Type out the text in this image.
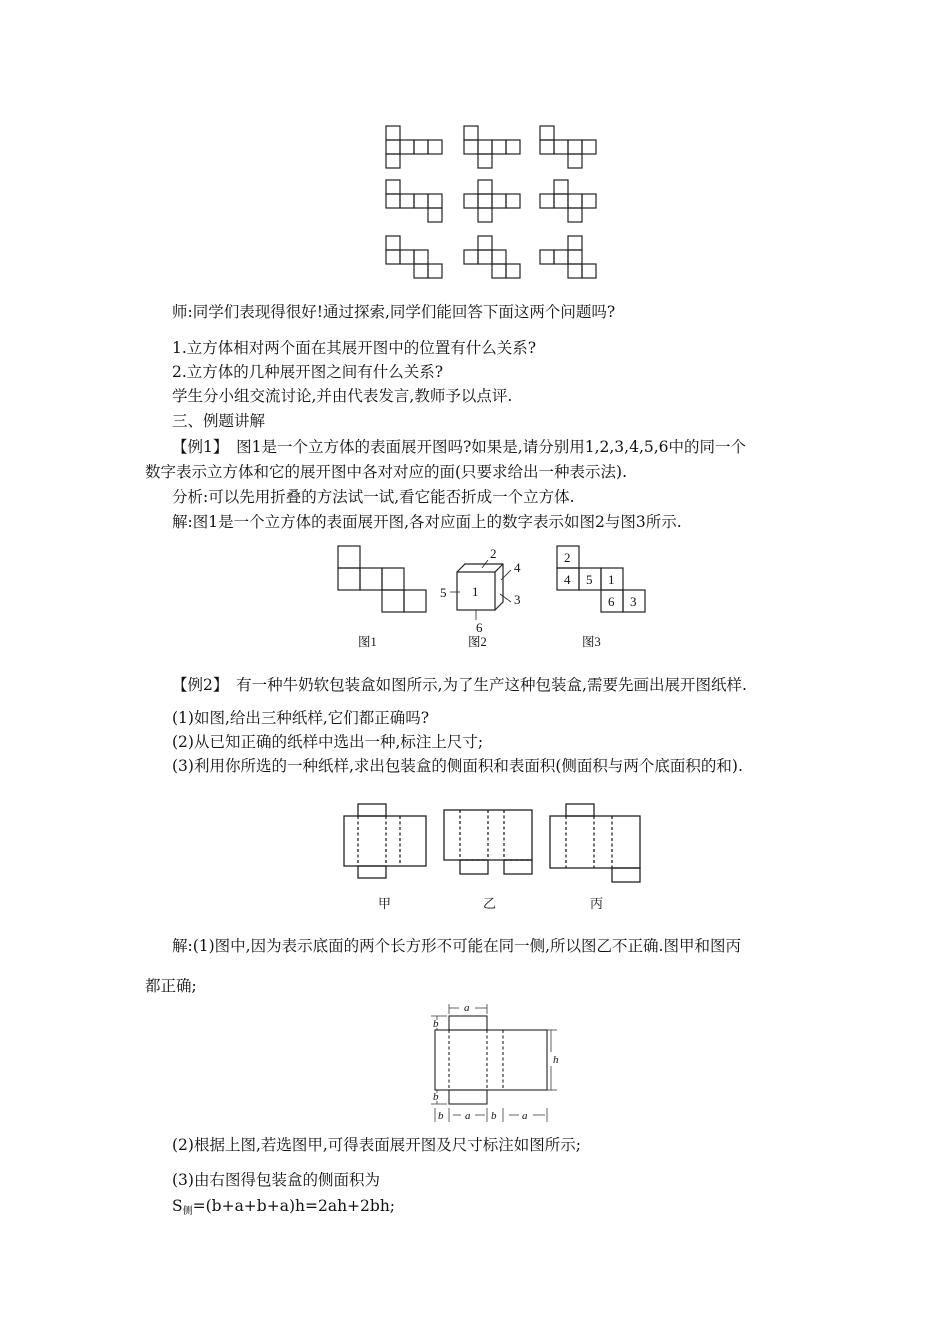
师:同学们表现得很好!通过探索,同学们能回答下面这两个问题吗?
1.立方体相对两个面在其展开图中的位置有什么关系?
2.立方体的几种展开图之间有什么关系?
学生分小组交流讨论,并由代表发言,教师予以点评.
三、例题讲解
【例1】　图1是一个立方体的表面展开图吗?如果是,请分别用1,2,3,4,5,6中的同一个
数字表示立方体和它的展开图中各对对应的面(只要求给出一种表示法).
分析:可以先用折叠的方法试一试,看它能否折成一个立方体.
解:图1是一个立方体的表面展开图,各对应面上的数字表示如图2与图3所示.
1
2
4
3
5
6
2
4 5 1
6 3
图1	图2	图3
【例2】　有一种牛奶软包装盒如图所示,为了生产这种包装盒,需要先画出展开图纸样.
(1)如图,给出三种纸样,它们都正确吗?
(2)从已知正确的纸样中选出一种,标注上尺寸;
(3)利用你所选的一种纸样,求出包装盒的侧面积和表面积(侧面积与两个底面积的和).
甲	乙	丙
解:(1)图中,因为表示底面的两个长方形不可能在同一侧,所以图乙不正确.图甲和图丙
都正确;
a
b
b
h
b a b a
(2)根据上图,若选图甲,可得表面展开图及尺寸标注如图所示;
(3)由右图得包装盒的侧面积为
S侧=(b+a+b+a)h=2ah+2bh;
